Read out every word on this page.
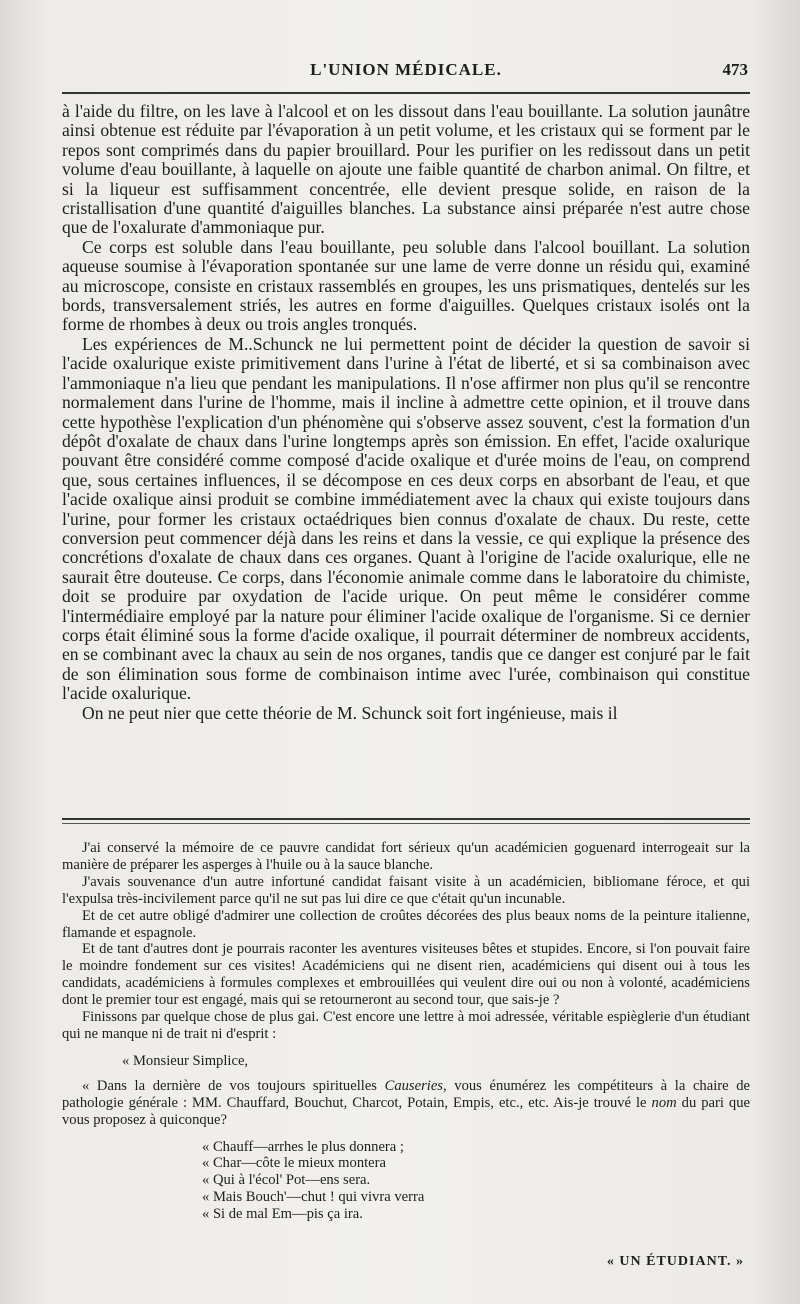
L'UNION MÉDICALE.	473

à l'aide du filtre, on les lave à l'alcool et on les dissout dans l'eau bouillante. La solution jaunâtre ainsi obtenue est réduite par l'évaporation à un petit volume, et les cristaux qui se forment par le repos sont comprimés dans du papier brouillard. Pour les purifier on les redissout dans un petit volume d'eau bouillante, à laquelle on ajoute une faible quantité de charbon animal. On filtre, et si la liqueur est suffisamment concentrée, elle devient presque solide, en raison de la cristallisation d'une quantité d'aiguilles blanches. La substance ainsi préparée n'est autre chose que de l'oxalurate d'ammoniaque pur.

Ce corps est soluble dans l'eau bouillante, peu soluble dans l'alcool bouillant. La solution aqueuse soumise à l'évaporation spontanée sur une lame de verre donne un résidu qui, examiné au microscope, consiste en cristaux rassemblés en groupes, les uns prismatiques, dentelés sur les bords, transversalement striés, les autres en forme d'aiguilles. Quelques cristaux isolés ont la forme de rhombes à deux ou trois angles tronqués.

Les expériences de M..Schunck ne lui permettent point de décider la question de savoir si l'acide oxalurique existe primitivement dans l'urine à l'état de liberté, et si sa combinaison avec l'ammoniaque n'a lieu que pendant les manipulations. Il n'ose affirmer non plus qu'il se rencontre normalement dans l'urine de l'homme, mais il incline à admettre cette opinion, et il trouve dans cette hypothèse l'explication d'un phénomène qui s'observe assez souvent, c'est la formation d'un dépôt d'oxalate de chaux dans l'urine longtemps après son émission. En effet, l'acide oxalurique pouvant être considéré comme composé d'acide oxalique et d'urée moins de l'eau, on comprend que, sous certaines influences, il se décompose en ces deux corps en absorbant de l'eau, et que l'acide oxalique ainsi produit se combine immédiatement avec la chaux qui existe toujours dans l'urine, pour former les cristaux octaédriques bien connus d'oxalate de chaux. Du reste, cette conversion peut commencer déjà dans les reins et dans la vessie, ce qui explique la présence des concrétions d'oxalate de chaux dans ces organes. Quant à l'origine de l'acide oxalurique, elle ne saurait être douteuse. Ce corps, dans l'économie animale comme dans le laboratoire du chimiste, doit se produire par oxydation de l'acide urique. On peut même le considérer comme l'intermédiaire employé par la nature pour éliminer l'acide oxalique de l'organisme. Si ce dernier corps était éliminé sous la forme d'acide oxalique, il pourrait déterminer de nombreux accidents, en se combinant avec la chaux au sein de nos organes, tandis que ce danger est conjuré par le fait de son élimination sous forme de combinaison intime avec l'urée, combinaison qui constitue l'acide oxalurique.

On ne peut nier que cette théorie de M. Schunck soit fort ingénieuse, mais il

J'ai conservé la mémoire de ce pauvre candidat fort sérieux qu'un académicien goguenard interrogeait sur la manière de préparer les asperges à l'huile ou à la sauce blanche.

J'avais souvenance d'un autre infortuné candidat faisant visite à un académicien, bibliomane féroce, et qui l'expulsa très-incivilement parce qu'il ne sut pas lui dire ce que c'était qu'un incunable.

Et de cet autre obligé d'admirer une collection de croûtes décorées des plus beaux noms de la peinture italienne, flamande et espagnole.

Et de tant d'autres dont je pourrais raconter les aventures visiteuses bêtes et stupides. Encore, si l'on pouvait faire le moindre fondement sur ces visites! Académiciens qui ne disent rien, académiciens qui disent oui à tous les candidats, académiciens à formules complexes et embrouillées qui veulent dire oui ou non à volonté, académiciens dont le premier tour est engagé, mais qui se retourneront au second tour, que sais-je ?

Finissons par quelque chose de plus gai. C'est encore une lettre à moi adressée, véritable espièglerie d'un étudiant qui ne manque ni de trait ni d'esprit :

« Monsieur Simplice,

« Dans la dernière de vos toujours spirituelles Causeries, vous énumérez les compétiteurs à la chaire de pathologie générale : MM. Chauffard, Bouchut, Charcot, Potain, Empis, etc., etc. Ais-je trouvé le nom du pari que vous proposez à quiconque?

« Chauff—arrhes le plus donnera ;
« Char—côte le mieux montera
« Qui à l'écol' Pot—ens sera.
« Mais Bouch'—chut ! qui vivra verra
« Si de mal Em—pis ça ira.
« UN ÉTUDIANT. »
